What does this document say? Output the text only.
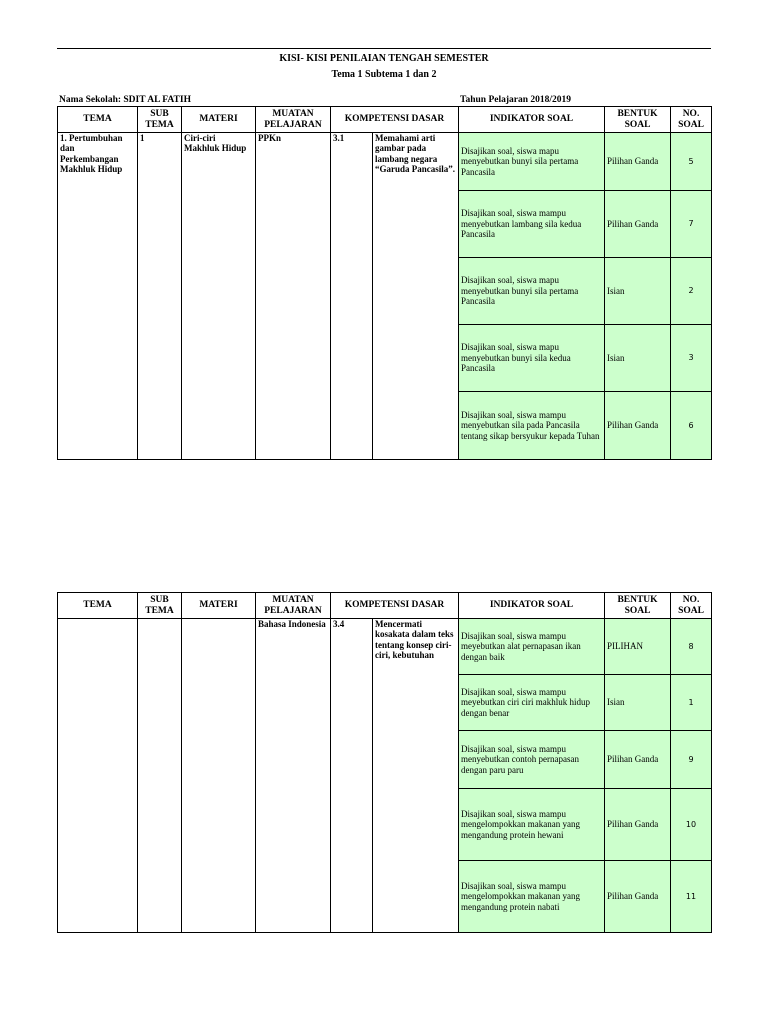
KISI- KISI PENILAIAN TENGAH SEMESTER
Tema 1 Subtema 1 dan 2
Nama Sekolah: SDIT AL FATIH	Tahun Pelajaran 2018/2019
TEMA	SUB TEMA	MATERI	MUATAN PELAJARAN	KOMPETENSI DASAR		INDIKATOR SOAL	BENTUK SOAL	NO. SOAL
1. Pertumbuhan dan Perkembangan Makhluk Hidup	1	Ciri-ciri Makhluk Hidup	PPKn	3.1	Memahami arti gambar pada lambang negara “Garuda Pancasila”.	Disajikan soal, siswa mapu menyebutkan bunyi sila pertama Pancasila	Pilihan Ganda	5
						Disajikan soal, siswa mampu menyebutkan lambang sila kedua Pancasila	Pilihan Ganda	7
						Disajikan soal, siswa mapu menyebutkan bunyi sila pertama Pancasila	Isian	2
						Disajikan soal, siswa mapu menyebutkan bunyi sila kedua Pancasila	Isian	3
						Disajikan soal, siswa mampu menyebutkan sila pada Pancasila tentang sikap bersyukur kepada Tuhan	Pilihan Ganda	6
TEMA	SUB TEMA	MATERI	MUATAN PELAJARAN	KOMPETENSI DASAR		INDIKATOR SOAL	BENTUK SOAL	NO. SOAL
			Bahasa Indonesia	3.4	Mencermati kosakata dalam teks tentang konsep ciri-ciri, kebutuhan	Disajikan soal, siswa mampu meyebutkan alat pernapasan ikan dengan baik	PILIHAN	8
						Disajikan soal, siswa mampu meyebutkan ciri ciri makhluk hidup dengan benar	Isian	1
						Disajikan soal, siswa mampu menyebutkan contoh pernapasan dengan paru paru	Pilihan Ganda	9
						Disajikan soal, siswa mampu mengelompokkan makanan yang mengandung protein hewani	Pilihan Ganda	10
						Disajikan soal, siswa mampu mengelompokkan makanan yang mengandung protein nabati	Pilihan Ganda	11
